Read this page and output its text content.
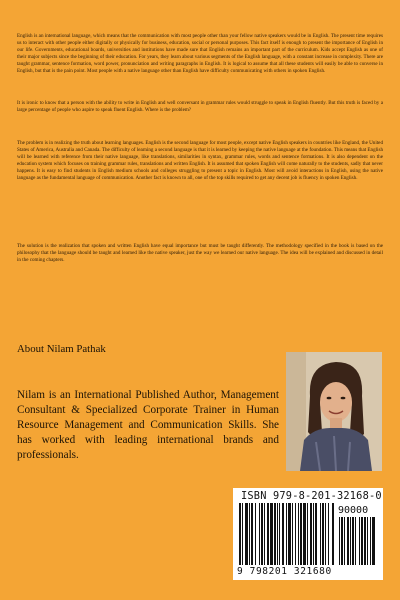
English is an international language, which means that the communication with most people other than your fellow native speakers would be in English. The present time requires us to interact with other people either digitally or physically for business, education, social or personal purposes. This fact itself is enough to present the importance of English in our life. Governments, educational boards, universities and institutions have made sure that English remains an important part of the curriculum. Kids accept English as one of their major subjects since the beginning of their education. For years, they learn about various segments of the English language, with a constant increase in complexity. There are taught grammar, sentence formation, word power, pronunciation and writing paragraphs in English. It is logical to assume that all these students will easily be able to converse in English, but that is the pain point. Most people with a native language other than English have difficulty communicating with others in spoken English.

It is ironic to know that a person with the ability to write in English and well conversant in grammar rules would struggle to speak in English fluently. But this truth is faced by a large percentage of people who aspire to speak fluent English. Where is the problem?

The problem is in realizing the truth about learning languages. English is the second language for most people, except native English speakers in countries like England, the United States of America, Australia and Canada. The difficulty of learning a second language is that it is learned by keeping the native language at the foundation. This means that English will be learned with reference from their native language, like translations, similarities in syntax, grammar rules, words and sentence formations. It is also dependent on the education system which focuses on training grammar rules, translations and written English. It is assumed that spoken English will come naturally to the students, sadly that never happens. It is easy to find students in English medium schools and colleges struggling to present a topic in English. Most will avoid interactions in English, using the native language as the fundamental language of communication. Another fact is known to all, one of the top skills required to get any decent job is fluency in spoken English.

The solution is the realization that spoken and written English have equal importance but must be taught differently. The methodology specified in the book is based on the philosophy that the language should be taught and learned like the native speaker, just the way we learned our native language. The idea will be explained and discussed in detail in the coming chapters.

About Nilam Pathak

Nilam is an International Published Author, Management Consultant & Specialized Corporate Trainer in Human Resource Management and Communication Skills. She has worked with leading international brands and professionals.

ISBN 979-8-201-32168-0
90000
9 798201 321680
